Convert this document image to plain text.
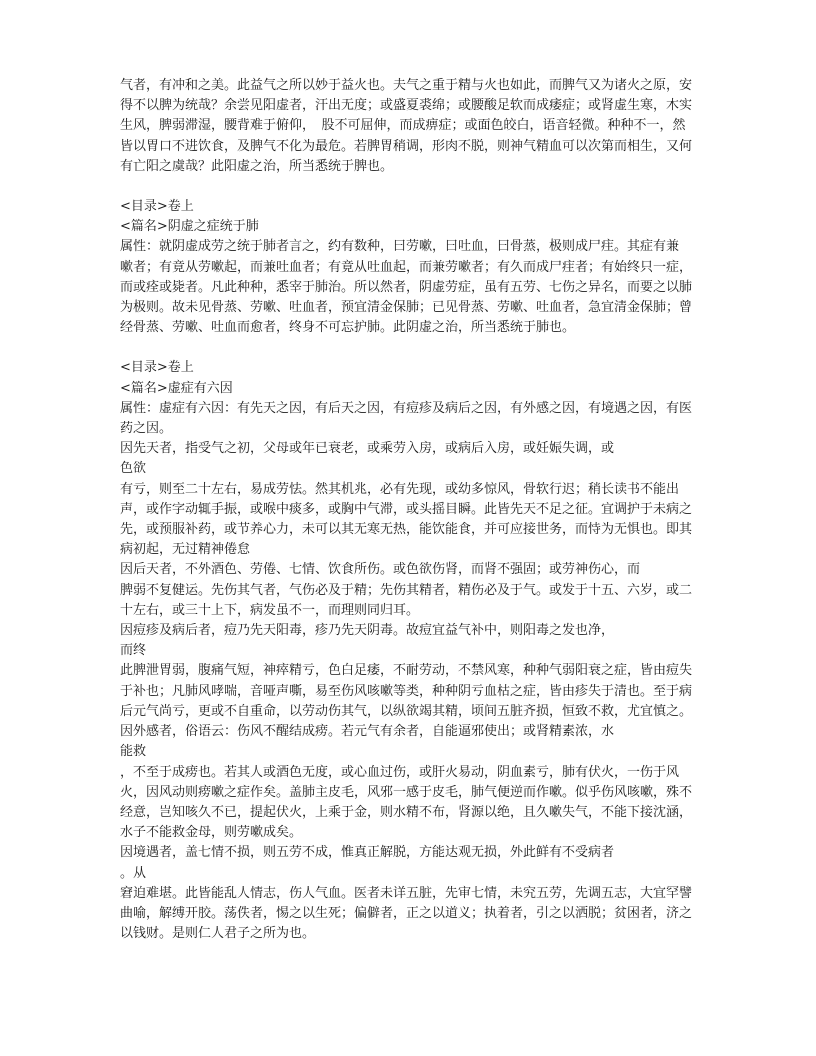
气者，有冲和之美。此益气之所以妙于益火也。夫气之重于精与火也如此，而脾气又为诸火之原，安得不以脾为统哉？余尝见阳虚者，汗出无度；或盛夏裘绵；或腰酸足软而成痿症；或肾虚生寒，木实生风，脾弱滞湿，腰背难于俯仰，　股不可屈伸，而成痹症；或面色皎白，语音轻微。种种不一，然皆以胃口不进饮食，及脾气不化为最危。若脾胃稍调，形肉不脱，则神气精血可以次第而相生，又何有亡阳之虞哉？此阳虚之治，所当悉统于脾也。

<目录>卷上

<篇名>阴虚之症统于肺

属性：就阴虚成劳之统于肺者言之，约有数种，曰劳嗽，曰吐血，曰骨蒸，极则成尸疰。其症有兼

嗽者；有竟从劳嗽起，而兼吐血者；有竟从吐血起，而兼劳嗽者；有久而成尸疰者；有始终只一症，而或痊或毙者。凡此种种，悉宰于肺治。所以然者，阴虚劳症，虽有五劳、七伤之异名，而要之以肺为极则。故未见骨蒸、劳嗽、吐血者，预宜清金保肺；已见骨蒸、劳嗽、吐血者，急宜清金保肺；曾经骨蒸、劳嗽、吐血而愈者，终身不可忘护肺。此阴虚之治，所当悉统于肺也。

<目录>卷上

<篇名>虚症有六因

属性：虚症有六因：有先天之因，有后天之因，有痘疹及病后之因，有外感之因，有境遇之因，有医药之因。

因先天者，指受气之初，父母或年已衰老，或乘劳入房，或病后入房，或妊娠失调，或
色欲

有亏，则至二十左右，易成劳怯。然其机兆，必有先现，或幼多惊风，骨软行迟；稍长读书不能出声，或作字动辄手振，或喉中痰多，或胸中气滞，或头摇目瞬。此皆先天不足之征。宜调护于未病之先，或预服补药，或节养心力，未可以其无寒无热，能饮能食，并可应接世务，而恃为无惧也。即其病初起，无过精神倦怠

因后天者，不外酒色、劳倦、七情、饮食所伤。或色欲伤肾，而肾不强固；或劳神伤心，而

脾弱不复健运。先伤其气者，气伤必及于精；先伤其精者，精伤必及于气。或发于十五、六岁，或二十左右，或三十上下，病发虽不一，而理则同归耳。

因痘疹及病后者，痘乃先天阳毒，疹乃先天阴毒。故痘宜益气补中，则阳毒之发也净，
而终

此脾泄胃弱，腹痛气短，神瘁精亏，色白足痿，不耐劳动，不禁风寒，种种气弱阳衰之症，皆由痘失于补也；凡肺风哮喘，音哑声嘶，易至伤风咳嗽等类，种种阴亏血枯之症，皆由疹失于清也。至于病后元气尚亏，更或不自重命，以劳动伤其气，以纵欲竭其精，顷间五脏齐损，恒致不救，尤宜慎之。

因外感者，俗语云：伤风不醒结成痨。若元气有余者，自能逼邪使出；或肾精素浓，水
能救

，不至于成痨也。若其人或酒色无度，或心血过伤，或肝火易动，阴血素亏，肺有伏火，一伤于风火，因风动则痨嗽之症作矣。盖肺主皮毛，风邪一感于皮毛，肺气便逆而作嗽。似乎伤风咳嗽，殊不经意，岂知咳久不已，提起伏火，上乘于金，则水精不布，肾源以绝，且久嗽失气，不能下接沈涵，水子不能救金母，则劳嗽成矣。

因境遇者，盖七情不损，则五劳不成，惟真正解脱，方能达观无损，外此鲜有不受病者
。从

窘迫难堪。此皆能乱人情志，伤人气血。医者未详五脏，先审七情，未究五劳，先调五志，大宜罕譬曲喻，解缚开胶。荡佚者，惕之以生死；偏僻者，正之以道义；执着者，引之以洒脱；贫困者，济之以钱财。是则仁人君子之所为也。
